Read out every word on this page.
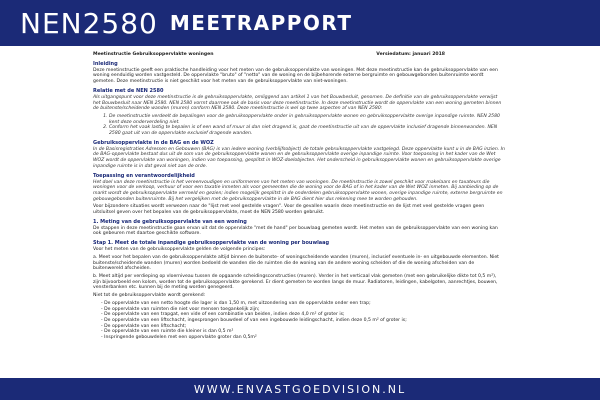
NEN2580 MEETRAPPORT
Meetinstructie Gebruiksoppervlakte woningen	Versiedatum: januari 2018
Inleiding

Deze meetinstructie geeft een praktische handleiding voor het meten van de gebruiksoppervlakte van woningen. Met deze meetinstructie kan de gebruiksoppervlakte van een woning eenduidig worden vastgesteld. De oppervlakte "bruto" of "netto" van de woning en de bijbehorende externe bergruimte en gebouwgebonden buitenruimte wordt gemeten. Deze meetinstructie is niet geschikt voor het meten van de gebruiksoppervlakte van niet-woningen.

Relatie met de NEN 2580

Als uitgangspunt voor deze meetinstructie is de gebruiksoppervlakte, omliggend aan artikel 1 van het Bouwbesluit, genomen. De definitie van de gebruiksoppervlakte verwijst het Bouwbesluit naar NEN 2580. NEN 2580 vormt daarmee ook de basis voor deze meetinstructie. In deze meetinstructie wordt de oppervlakte van een woning gemeten binnen de buitenste/scheidende wanden (muren) conform NEN 2580. Deze meetinstructie is wel op twee aspecten af van NEN 2580:

1. De meetinstructie verdeelt de bepalingen voor de gebruiksoppervlakte onder in gebruiksoppervlakte wonen en gebruiksoppervlakte overige inpandige ruimte. NEN 2580 kent deze onderverdeling niet.
2. Conform het vaak lastig te bepalen is of een wand of muur al dan niet dragend is, gaat de meetinstructie uit van de oppervlakte inclusief dragende binnenwanden. NEN 2580 gaat uit van de oppervlakte exclusief dragende wanden.
Gebruiksoppervlakte in de BAG en de WOZ

In de Basisregistraties Adressen en Gebouwen (BAG) is van iedere woning (verblijfsobject) de totale gebruiksoppervlakte vastgelegd. Deze oppervlakte kunt u in de BAG inzien. In de BAG-oppervlakte bestaat dus uit de som van de gebruiksoppervlakte wonen en de gebruiksoppervlakte overige inpandige ruimte. Voor toepassing in het kader van de Wet WOZ wordt de oppervlakte van woningen, indien van toepassing, gesplitst in WOZ-doelobjecten. Het onderscheid in gebruiksoppervlakte wonen en gebruiksoppervlakte overige inpandige ruimte is in dat geval niet aan de orde.

Toepassing en verantwoordelijkheid

Het doel van deze meetinstructie is het vereenvoudigen en uniformeren van het meten van woningen. De meetinstructie is zowel geschikt voor makelaars en taxateurs die woningen voor de verkoop, verhuur of voor een taxatie inmeten als voor gemeenten die de woning voor de BAG of in het kader van de Wet WOZ inmeten. Bij aanbieding op de markt wordt de gebruiksoppervlakte vermeld en gezien; indien mogelijk gesplitst in de onderdelen gebruiksoppervlakte wonen, overige inpandige ruimte, externe bergruimte en gebouwgebonden buitenruimte. Bij het vergelijken met de gebruiksoppervlakte in de BAG dient hier dus rekening mee te worden gehouden.

Voor bijzondere situaties wordt verwezen naar de "lijst met veel gestelde vragen". Voor de gevallen waarin deze meetinstructie en de lijst met veel gestelde vragen geen uitsluitsel geven over het bepalen van de gebruiksoppervlakte, moet de NEN 2580 worden gebruikt.

1. Meting van de gebruiksoppervlakte van een woning

De stappen in deze meetinstructie gaan ervan uit dat de oppervlakte "met de hand" per bouwlaag gemeten wordt. Het meten van de gebruiksoppervlakte van een woning kan ook gebeuren met daartoe geschikte software.

Stap 1. Meet de totale inpandige gebruiksoppervlakte van de woning per bouwlaag

Voor het meten van de gebruiksoppervlakte gelden de volgende principes:

a. Meet voor het bepalen van de gebruiksoppervlakte altijd binnen de buitenste- of woningscheidende wanden (muren), inclusief eventuele in- en uitgebouwde elementen. Niet buitenste/scheidende wanden (muren) worden bedoeld de wanden die de ruimten die de woning van de andere woning scheiden of die de woning afscheiden van de buitenwereld afscheiden.

b. Meet altijd per verdieping op vloerniveau tussen de opgaande scheidingsconstructies (muren). Verder in het verticaal vlak gemeten (met een gebruikelijke dikte tot 0,5 m²), zijn bijvoorbeeld een kolom, worden tot de gebruiksoppervlakte gerekend. Er dient gemeten te worden langs de muur. Radiatoren, leidingen, kabelgoten, aanrechtjes, bouwen, vensterbanken etc. kunnen bij de meting worden genegeerd.

Niet tot de gebruiksoppervlakte wordt gerekend:

- De oppervlakte van een netto hoogte die lager is dan 1,50 m, met uitzondering van de oppervlakte onder een trap;
- De oppervlakte van ruimten die niet voor mensen toegankelijk zijn;
- De oppervlakte van een trapgat, een vide of een combinatie van beiden, indien deze 4,0 m² of groter is;
- De oppervlakte van een liftschacht, ingesprongen bouwdeel of van een ingebouwde leidingschacht, indien deze 0,5 m² of groter is;
- De oppervlakte van een liftschacht;
- De oppervlakte van een ruimte die kleiner is dan 0,5 m²
- Inspringende gebouwdelen met een oppervlakte groter dan 0,5m²
WWW.ENVASTGOEDVISION.NL
